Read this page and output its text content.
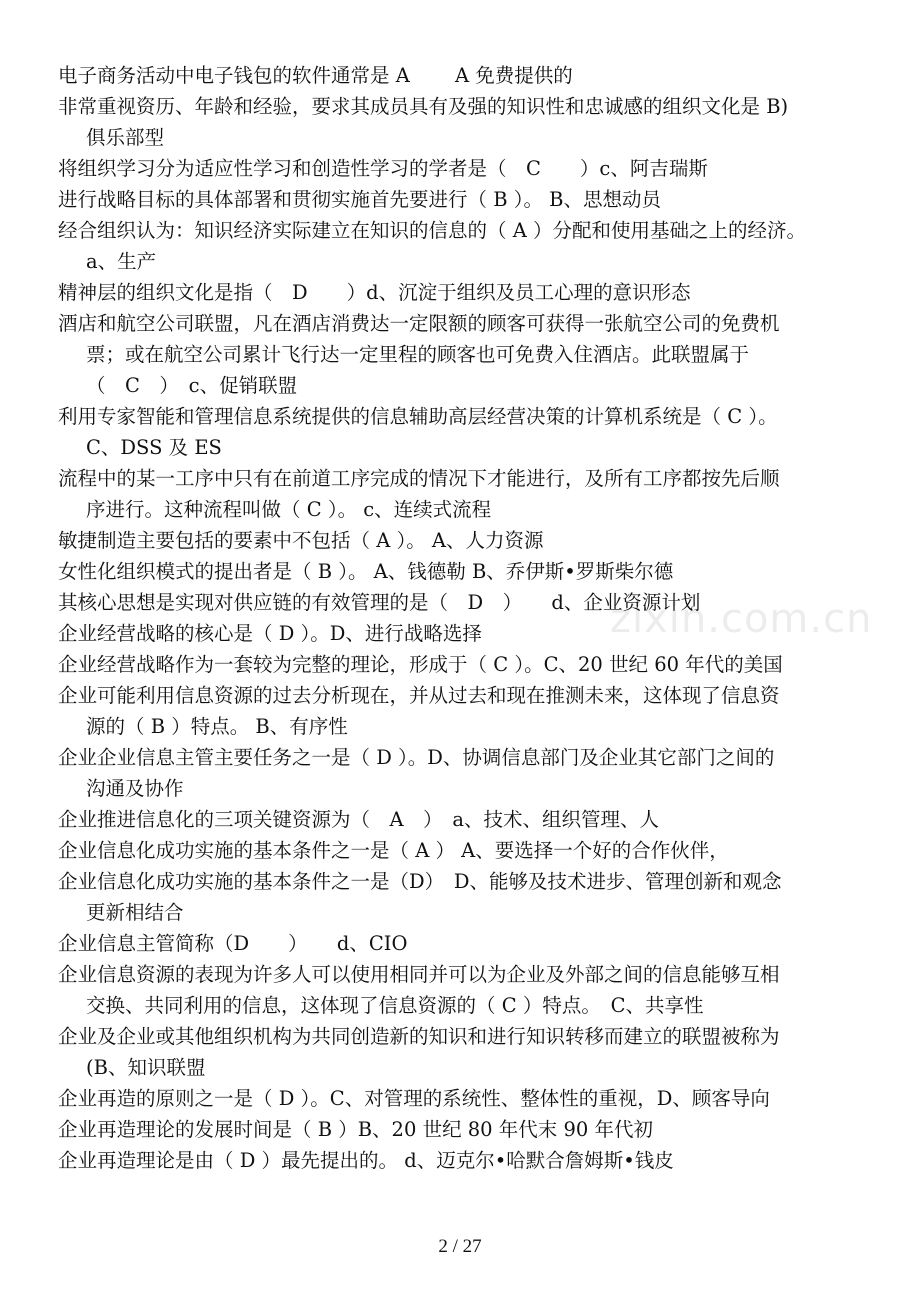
电子商务活动中电子钱包的软件通常是 A　　 A 免费提供的
非常重视资历、年龄和经验，要求其成员具有及强的知识性和忠诚感的组织文化是 B)
俱乐部型
将组织学习分为适应性学习和创造性学习的学者是（　C　　）c、阿吉瑞斯
进行战略目标的具体部署和贯彻实施首先要进行（ B ）。 B、思想动员
经合组织认为：知识经济实际建立在知识的信息的（ A ）分配和使用基础之上的经济。
a、生产
精神层的组织文化是指（　D　　）d、沉淀于组织及员工心理的意识形态
酒店和航空公司联盟，凡在酒店消费达一定限额的顾客可获得一张航空公司的免费机
票；或在航空公司累计飞行达一定里程的顾客也可免费入住酒店。此联盟属于
（　C　）　c、促销联盟
利用专家智能和管理信息系统提供的信息辅助高层经营决策的计算机系统是（ C ）。
C、DSS 及 ES
流程中的某一工序中只有在前道工序完成的情况下才能进行，及所有工序都按先后顺
序进行。这种流程叫做（ C ）。 c、连续式流程
敏捷制造主要包括的要素中不包括（ A ）。 A、人力资源
女性化组织模式的提出者是（ B ）。 A、钱德勒 B、乔伊斯•罗斯柴尔德
其核心思想是实现对供应链的有效管理的是（　D　）　　d、企业资源计划
企业经营战略的核心是（ D ）。D、进行战略选择
企业经营战略作为一套较为完整的理论，形成于（ C ）。C、20 世纪 60 年代的美国
企业可能利用信息资源的过去分析现在，并从过去和现在推测未来，这体现了信息资
源的（ B ）特点。 B、有序性
企业企业信息主管主要任务之一是（ D ）。D、协调信息部门及企业其它部门之间的
沟通及协作
企业推进信息化的三项关键资源为（　A　）　a、技术、组织管理、人
企业信息化成功实施的基本条件之一是（ A ） A、要选择一个好的合作伙伴，
企业信息化成功实施的基本条件之一是（D）　D、能够及技术进步、管理创新和观念
更新相结合
企业信息主管简称（D　　）　　d、CIO
企业信息资源的表现为许多人可以使用相同并可以为企业及外部之间的信息能够互相
交换、共同利用的信息，这体现了信息资源的（ C ）特点。　C、共享性
企业及企业或其他组织机构为共同创造新的知识和进行知识转移而建立的联盟被称为
(B、知识联盟
企业再造的原则之一是（ D ）。C、对管理的系统性、整体性的重视，D、顾客导向
企业再造理论的发展时间是（ B ）B、20 世纪 80 年代末 90 年代初
企业再造理论是由（ D ）最先提出的。 d、迈克尔•哈默合詹姆斯•钱皮
zixin.com.cn
2 / 27
